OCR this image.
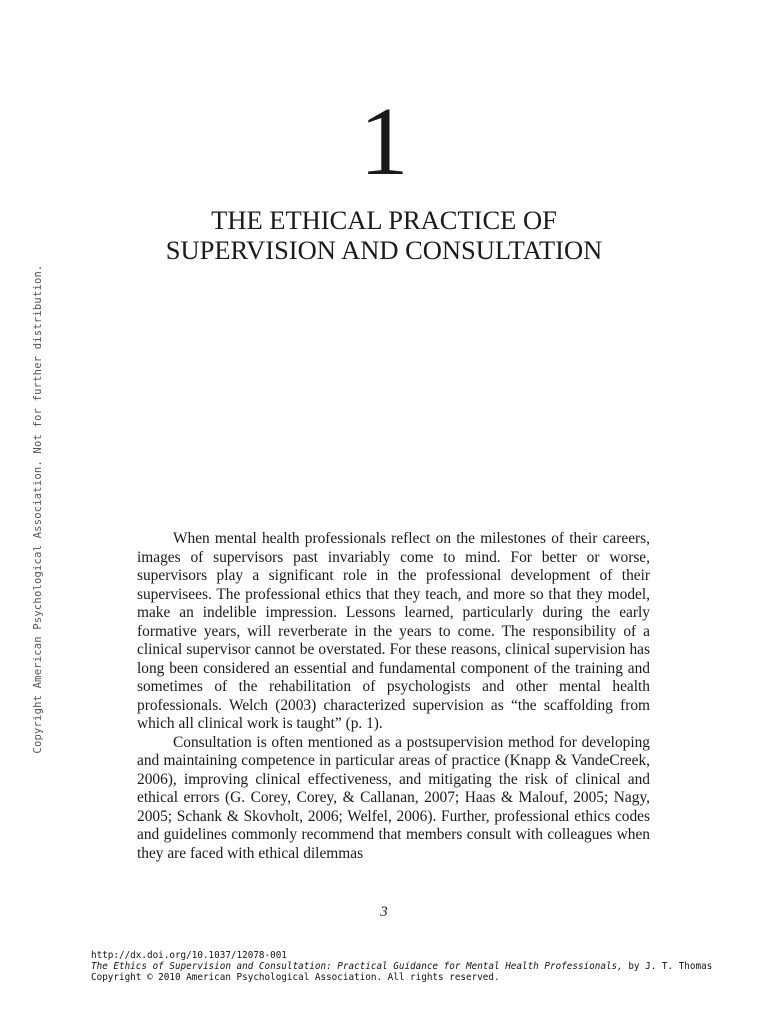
Copyright American Psychological Association. Not for further distribution.
1
THE ETHICAL PRACTICE OF
SUPERVISION AND CONSULTATION

When mental health professionals reflect on the milestones of their careers, images of supervisors past invariably come to mind. For better or worse, supervisors play a significant role in the professional development of their supervisees. The professional ethics that they teach, and more so that they model, make an indelible impression. Lessons learned, particularly during the early formative years, will reverberate in the years to come. The responsibility of a clinical supervisor cannot be overstated. For these reasons, clinical supervision has long been considered an essential and fundamental component of the training and sometimes of the rehabilitation of psychologists and other mental health professionals. Welch (2003) characterized supervision as “the scaffolding from which all clinical work is taught” (p. 1).

Consultation is often mentioned as a postsupervision method for developing and maintaining competence in particular areas of practice (Knapp & VandeCreek, 2006), improving clinical effectiveness, and mitigating the risk of clinical and ethical errors (G. Corey, Corey, & Callanan, 2007; Haas & Malouf, 2005; Nagy, 2005; Schank & Skovholt, 2006; Welfel, 2006). Further, professional ethics codes and guidelines commonly recommend that members consult with colleagues when they are faced with ethical dilemmas

3
http://dx.doi.org/10.1037/12078-001
The Ethics of Supervision and Consultation: Practical Guidance for Mental Health Professionals, by J. T. Thomas
Copyright © 2010 American Psychological Association. All rights reserved.
